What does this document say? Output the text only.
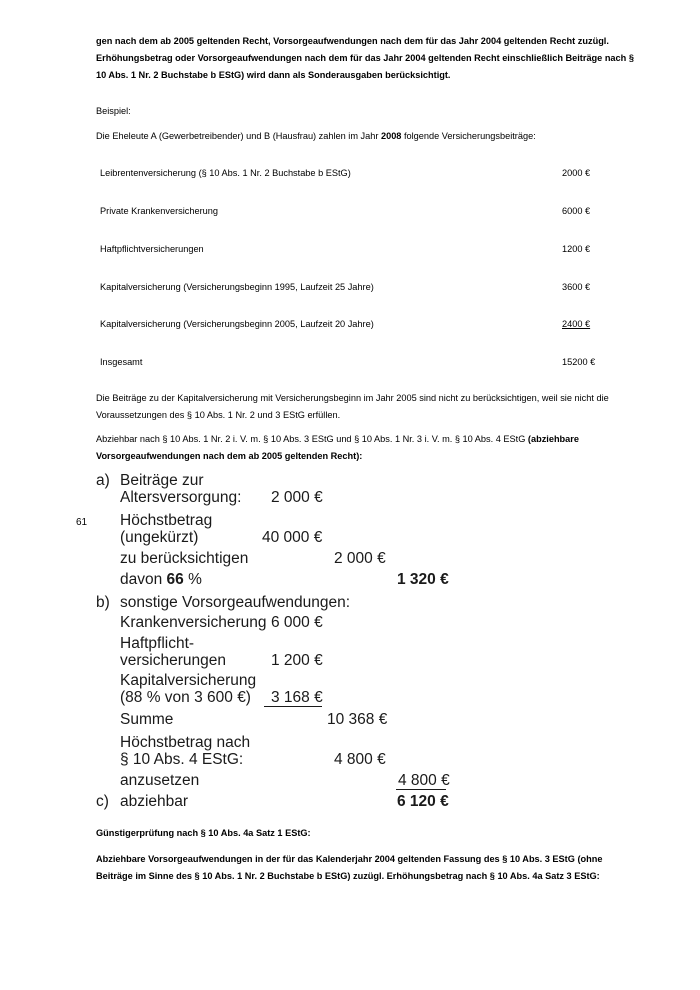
gen nach dem ab 2005 geltenden Recht, Vorsorgeaufwendungen nach dem für das Jahr 2004 geltenden Recht zuzügl. Erhöhungsbetrag oder Vorsorgeaufwendungen nach dem für das Jahr 2004 geltenden Recht einschließlich Beiträge nach § 10 Abs. 1 Nr. 2 Buchstabe b EStG) wird dann als Sonderausgaben berücksichtigt.

Beispiel:

Die Eheleute A (Gewerbetreibender) und B (Hausfrau) zahlen im Jahr 2008 folgende Versicherungsbeiträge:

Leibrentenversicherung (§ 10 Abs. 1 Nr. 2 Buchstabe b EStG)	2000 €
Private Krankenversicherung	6000 €
Haftpflichtversicherungen	1200 €
Kapitalversicherung (Versicherungsbeginn 1995, Laufzeit 25 Jahre)	3600 €
Kapitalversicherung (Versicherungsbeginn 2005, Laufzeit 20 Jahre)	2400 €
Insgesamt	15200 €

Die Beiträge zu der Kapitalversicherung mit Versicherungsbeginn im Jahr 2005 sind nicht zu berücksichtigen, weil sie nicht die Voraussetzungen des § 10 Abs. 1 Nr. 2 und 3 EStG erfüllen.

Abziehbar nach § 10 Abs. 1 Nr. 2 i. V. m. § 10 Abs. 3 EStG und § 10 Abs. 1 Nr. 3 i. V. m. § 10 Abs. 4 EStG (abziehbare Vorsorgeaufwendungen nach dem ab 2005 geltenden Recht):

61
a) Beiträge zur
Altersversorgung: 2 000 €
Höchstbetrag
(ungekürzt)	40 000 €
zu berücksichtigen	2 000 €
davon 66 %	1 320 €
b) sonstige Vorsorgeaufwendungen:
Krankenversicherung 6 000 €
Haftpflicht-
versicherungen	1 200 €
Kapitalversicherung
(88 % von 3 600 €) 3 168 €
Summe	10 368 €
Höchstbetrag nach
§ 10 Abs. 4 EStG:	4 800 €
anzusetzen	4 800 €
c) abziehbar	6 120 €

Günstigerprüfung nach § 10 Abs. 4a Satz 1 EStG:

Abziehbare Vorsorgeaufwendungen in der für das Kalenderjahr 2004 geltenden Fassung des § 10 Abs. 3 EStG (ohne Beiträge im Sinne des § 10 Abs. 1 Nr. 2 Buchstabe b EStG) zuzügl. Erhöhungsbetrag nach § 10 Abs. 4a Satz 3 EStG:
